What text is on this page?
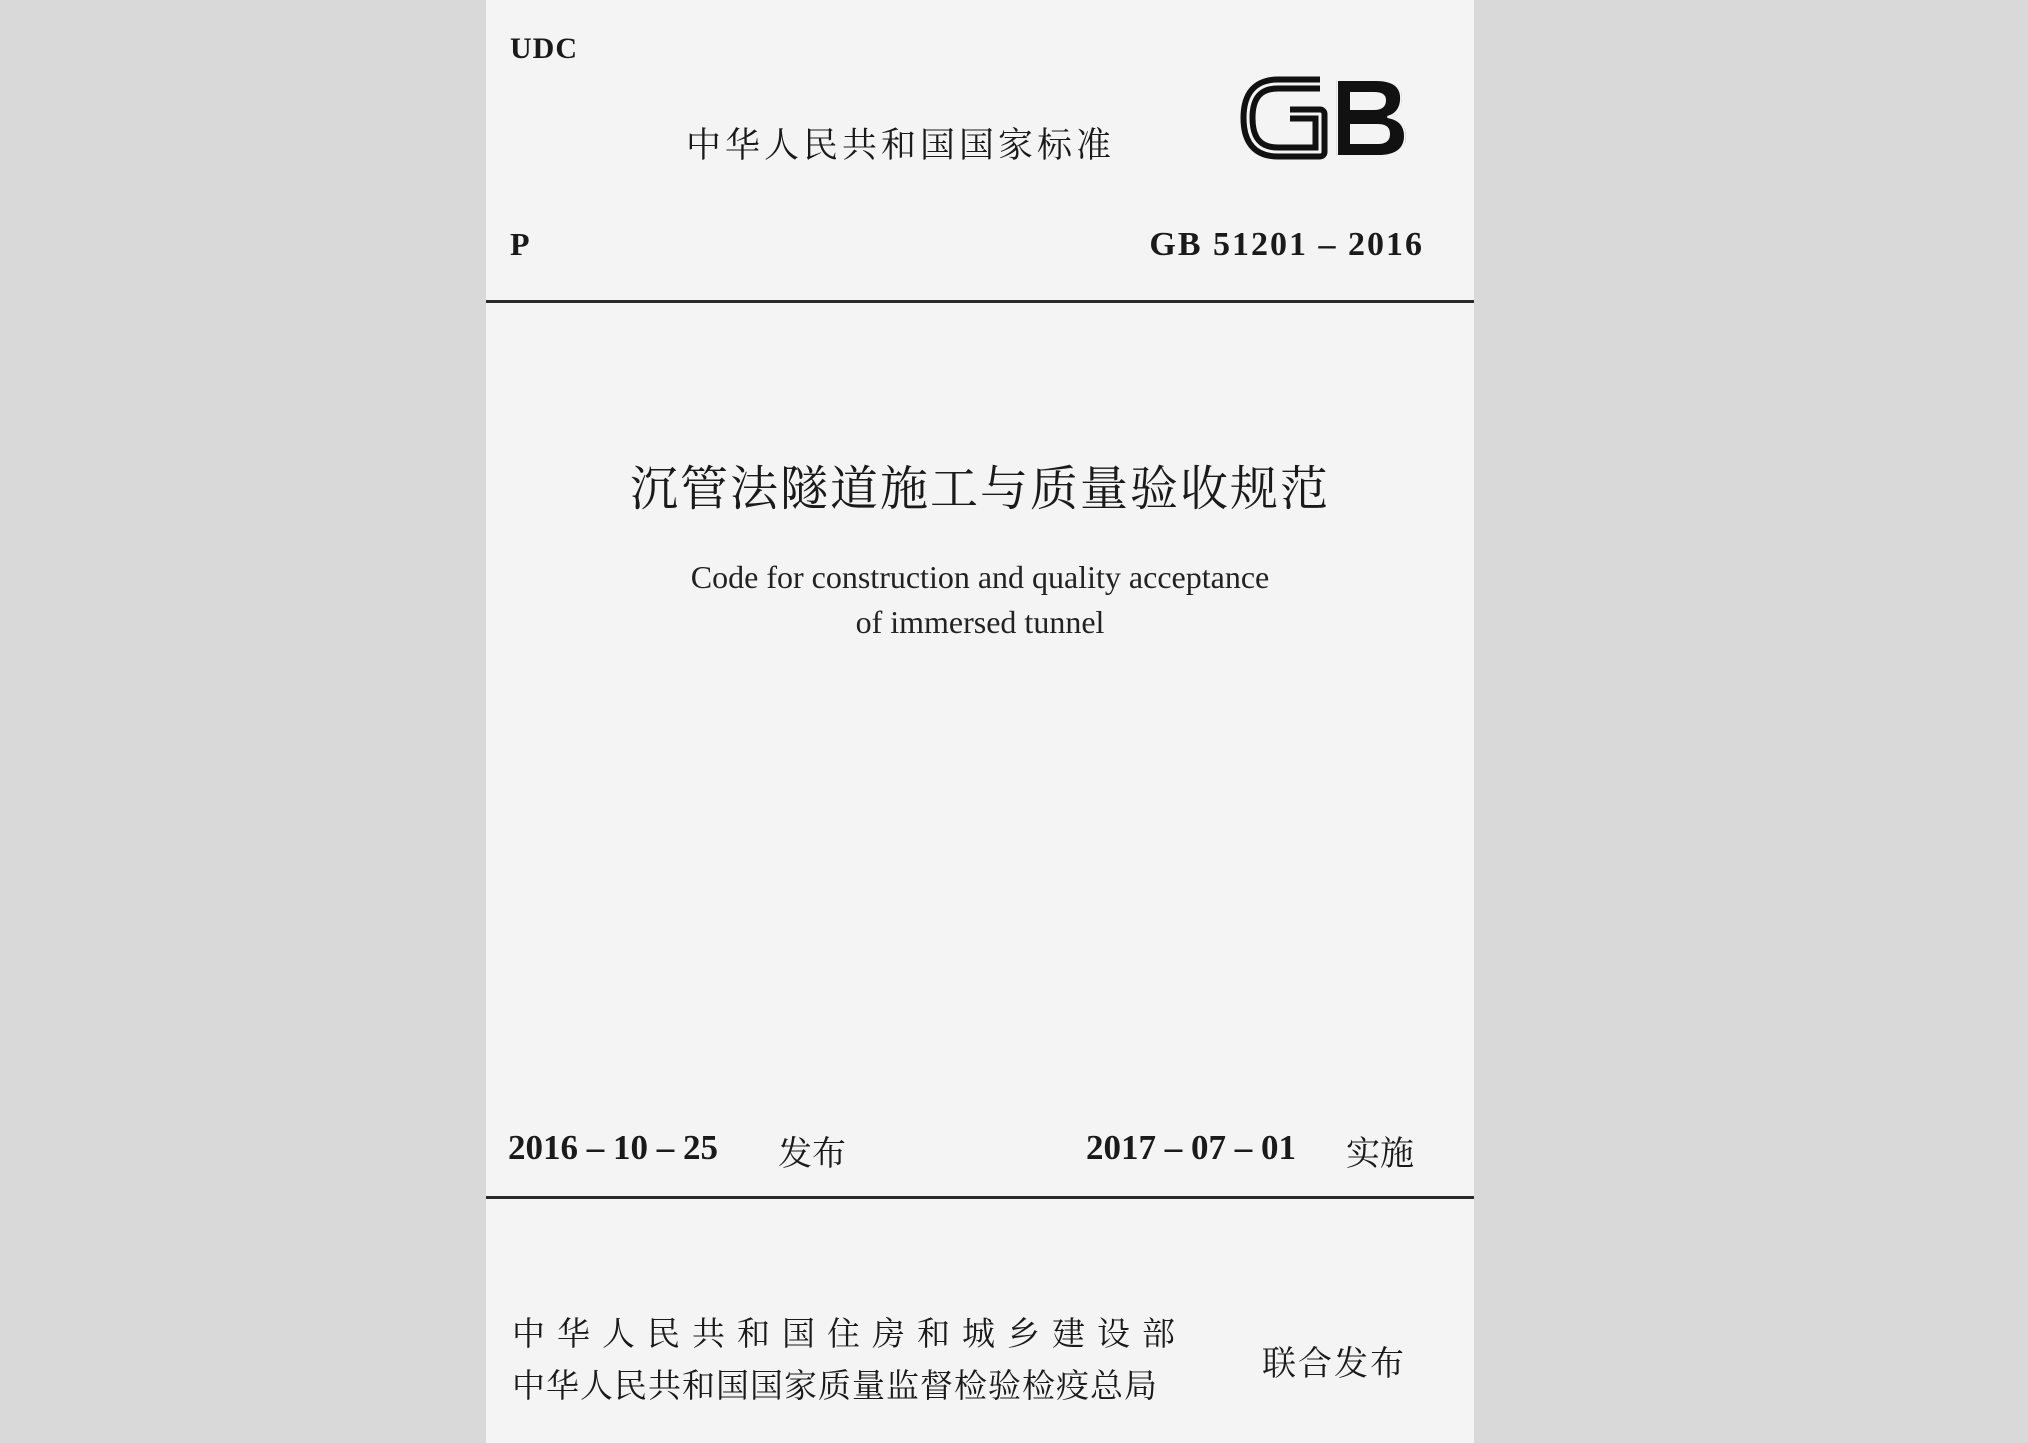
UDC
中华人民共和国国家标准
P	GB 51201 – 2016
沉管法隧道施工与质量验收规范
Code for construction and quality acceptance
of immersed tunnel
2016 – 10 – 25 发布	2017 – 07 – 01 实施
中华人民共和国住房和城乡建设部
中华人民共和国国家质量监督检验检疫总局
联合发布
